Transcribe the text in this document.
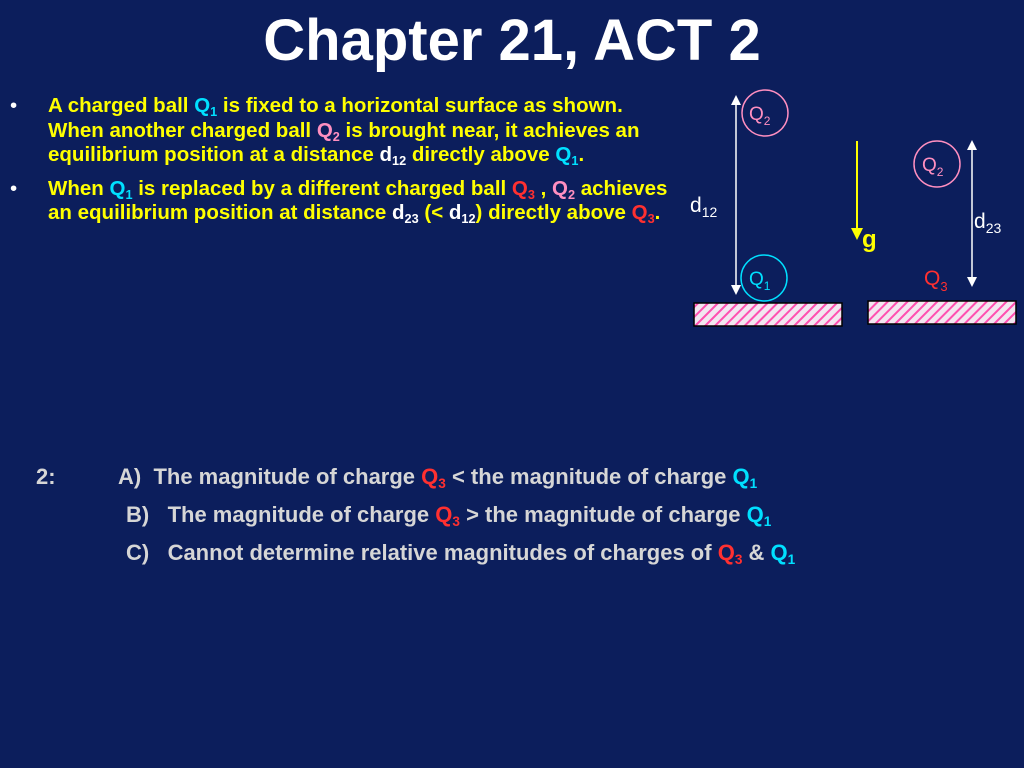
Chapter 21, ACT 2
• A charged ball $Q_1$ is fixed to a horizontal surface as shown. When another charged ball $Q_2$ is brought near, it achieves an equilibrium position at a distance $d_{12}$ directly above $Q_1$.
• When $Q_1$ is replaced by a different charged ball $Q_3$ , $Q_2$ achieves an equilibrium position at distance $d_{23}$ (< $d_{12}$) directly above $Q_3$.
$Q_2$
$d_{12}$
$Q_1$
g
$Q_2$
$d_{23}$
$Q_3$
2:	A) The magnitude of charge $Q_3$ < the magnitude of charge $Q_1$
B) The magnitude of charge $Q_3$ > the magnitude of charge $Q_1$
C) Cannot determine relative magnitudes of charges of $Q_3$ & $Q_1$
